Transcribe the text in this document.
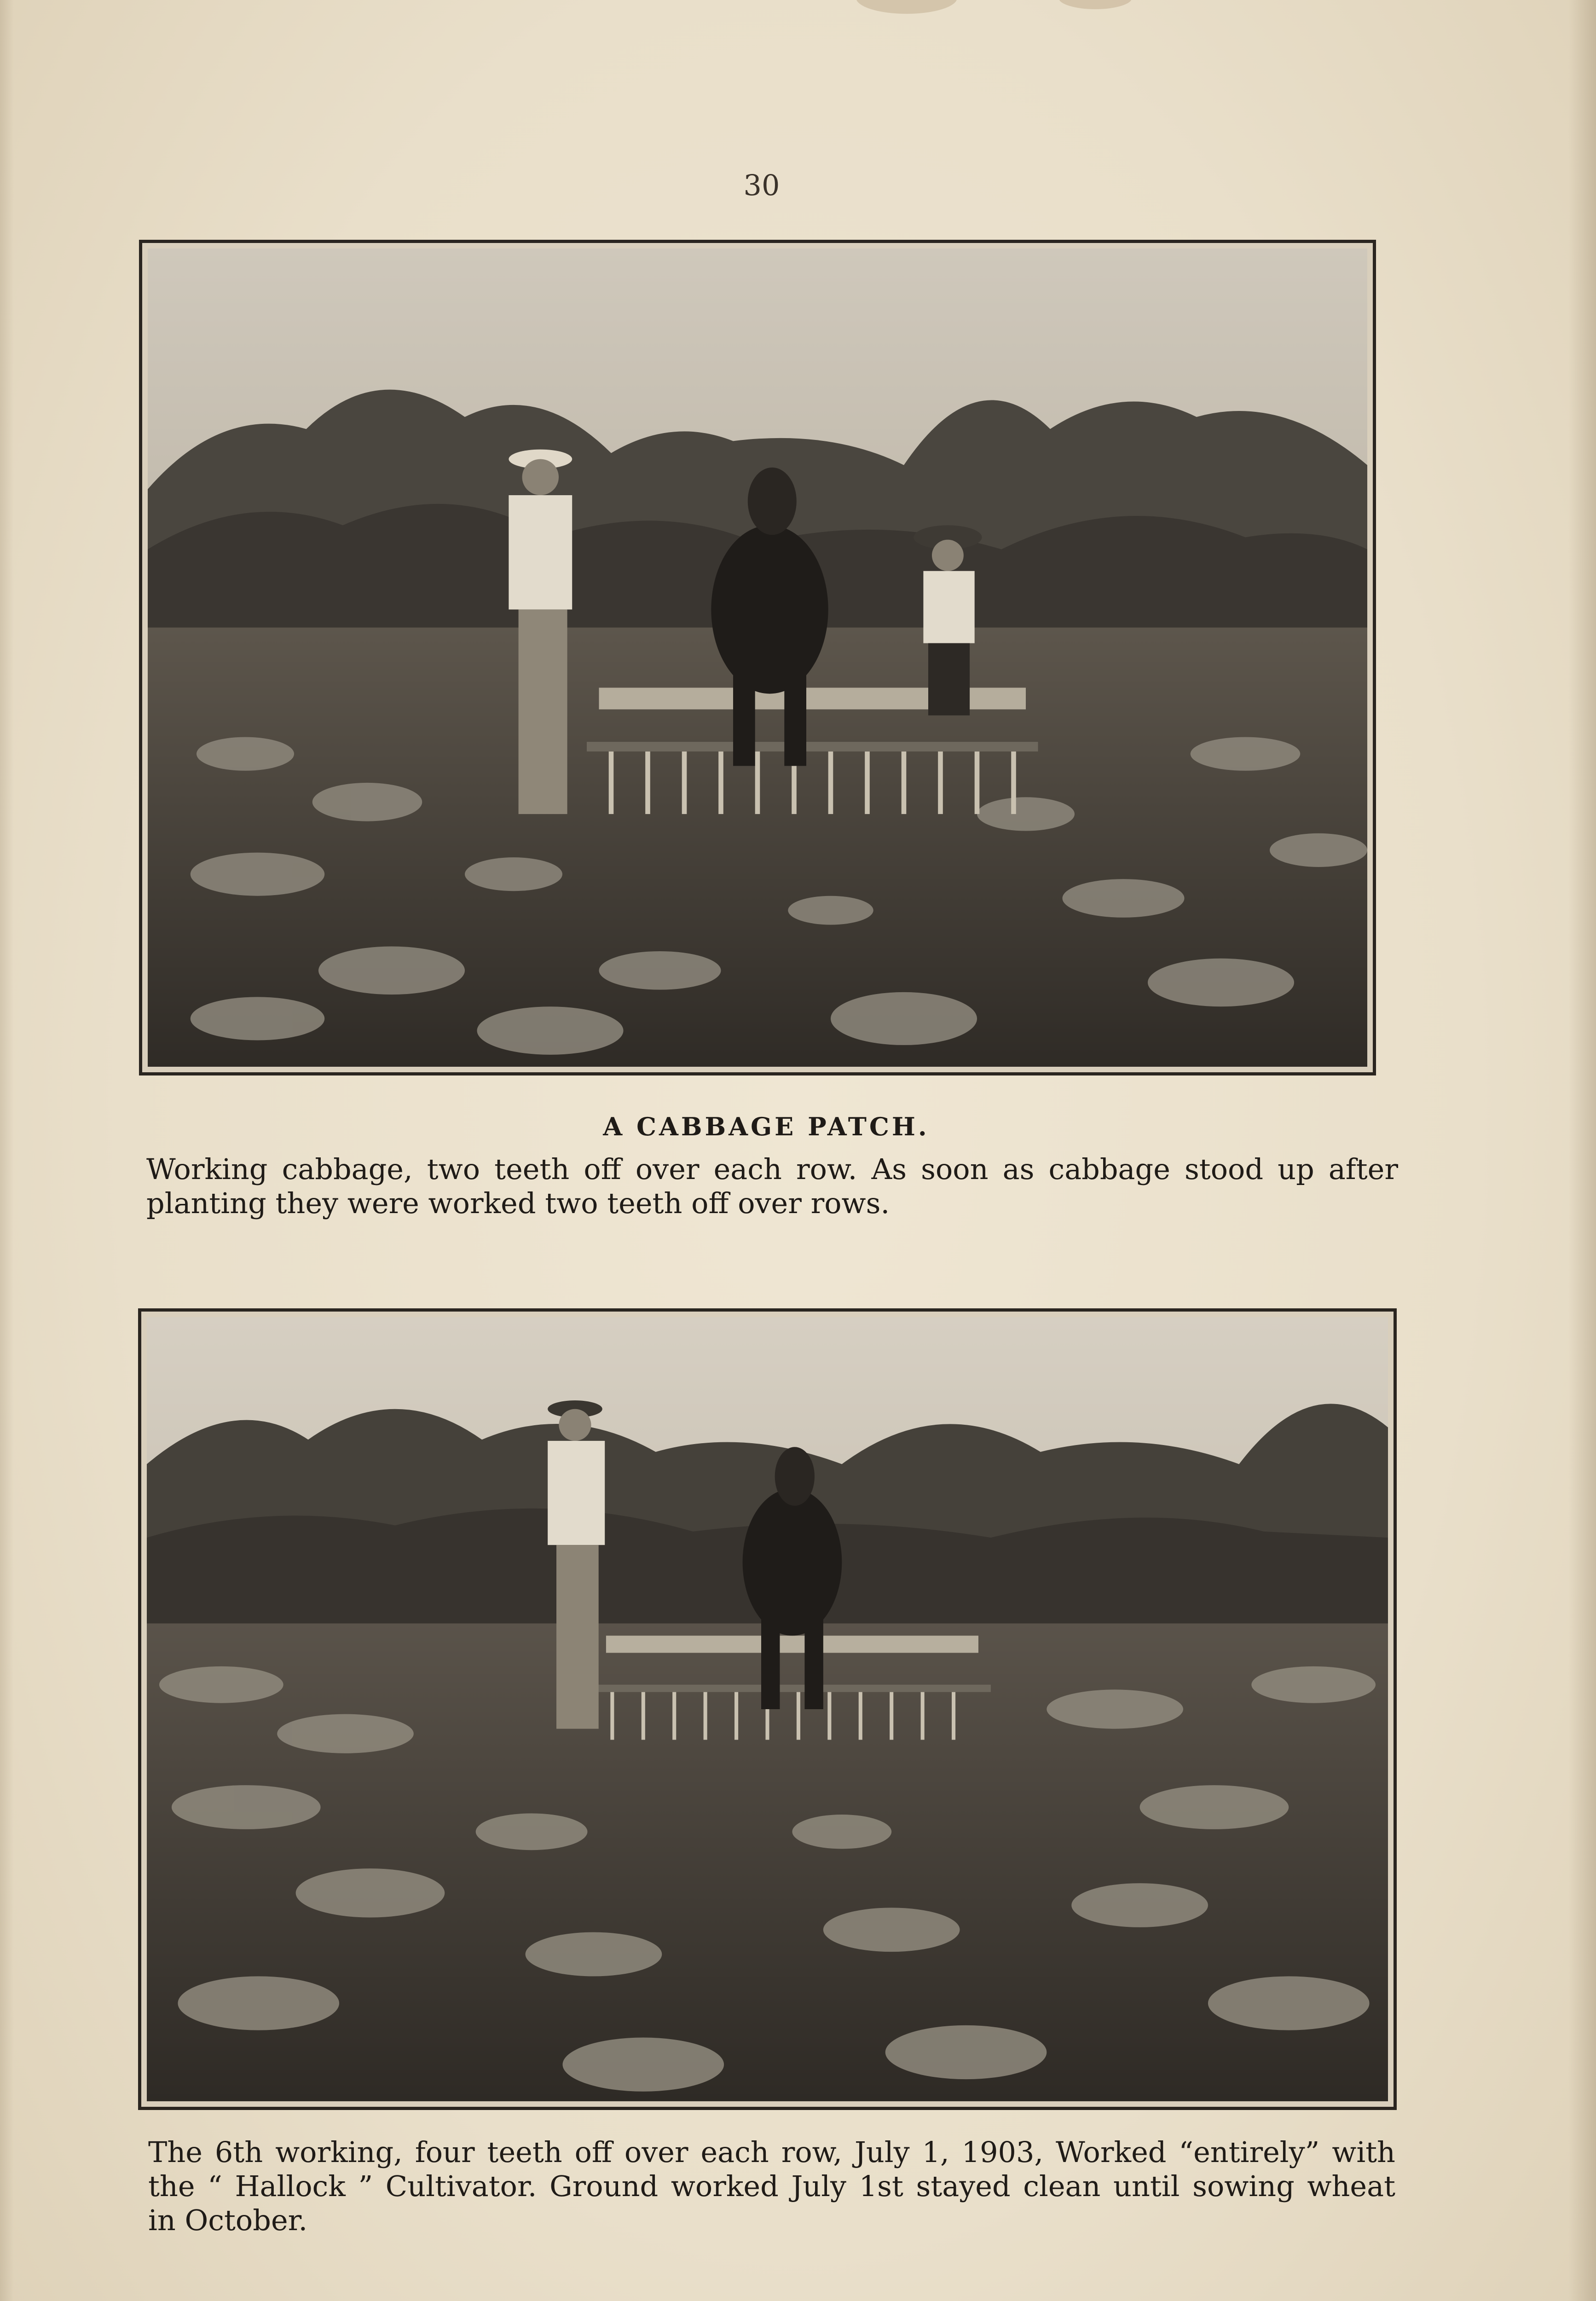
30
A CABBAGE PATCH.
Working cabbage, two teeth off over each row. As soon as cabbage stood up after
planting they were worked two teeth off over rows.
The 6th working, four teeth off over each row, July 1, 1903, Worked “entirely” with
the “ Hallock ” Cultivator. Ground worked July 1st stayed clean until sowing wheat
in October.
